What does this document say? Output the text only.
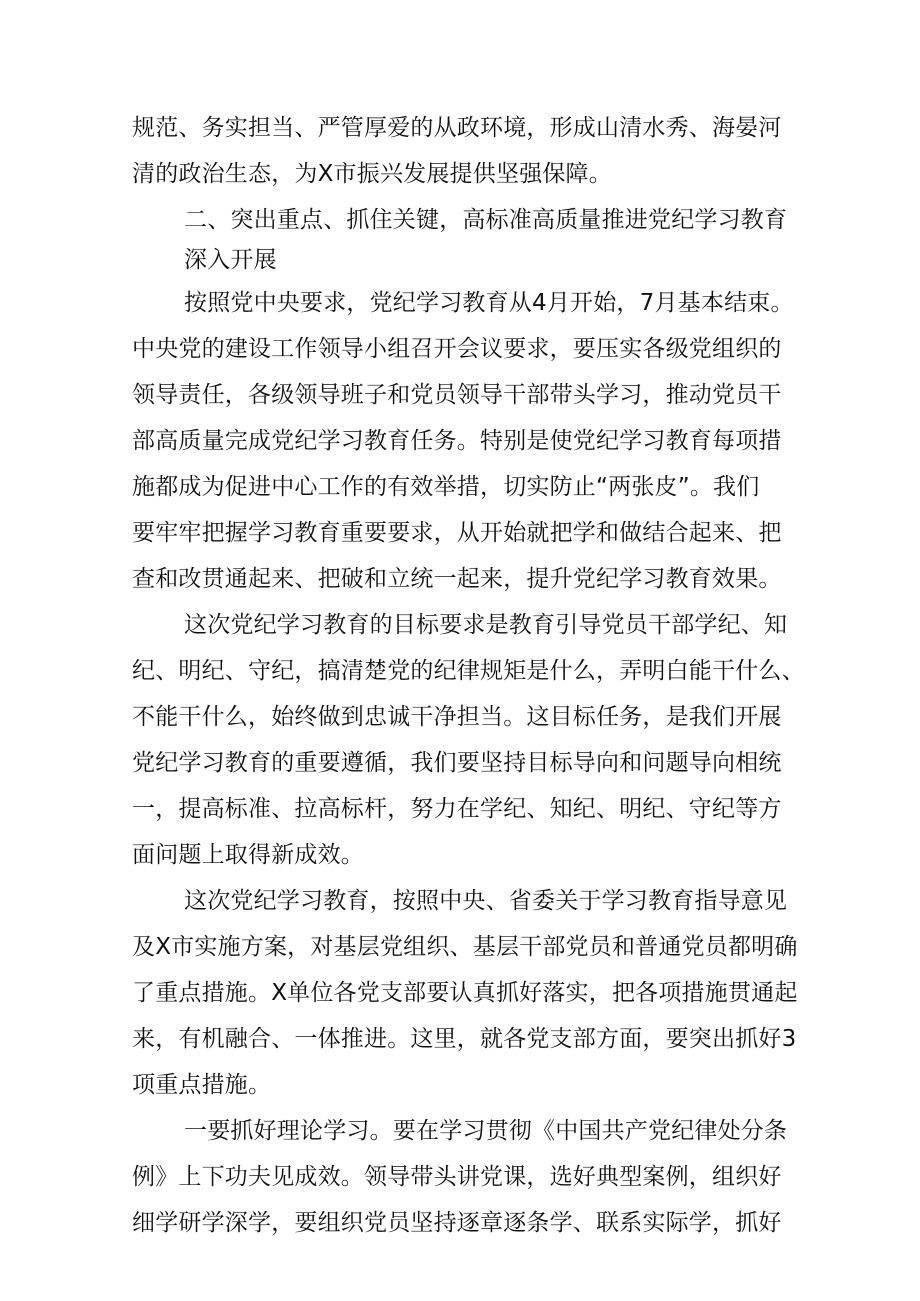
规范、务实担当、严管厚爱的从政环境，形成山清水秀、海晏河
清的政治生态，为X市振兴发展提供坚强保障。
二、突出重点、抓住关键，高标准高质量推进党纪学习教育
深入开展
按照党中央要求，党纪学习教育从4月开始，7月基本结束。
中央党的建设工作领导小组召开会议要求，要压实各级党组织的
领导责任，各级领导班子和党员领导干部带头学习，推动党员干
部高质量完成党纪学习教育任务。特别是使党纪学习教育每项措
施都成为促进中心工作的有效举措，切实防止“两张皮”。我们
要牢牢把握学习教育重要要求，从开始就把学和做结合起来、把
查和改贯通起来、把破和立统一起来，提升党纪学习教育效果。
这次党纪学习教育的目标要求是教育引导党员干部学纪、知
纪、明纪、守纪，搞清楚党的纪律规矩是什么，弄明白能干什么、
不能干什么，始终做到忠诚干净担当。这目标任务，是我们开展
党纪学习教育的重要遵循，我们要坚持目标导向和问题导向相统
一，提高标准、拉高标杆，努力在学纪、知纪、明纪、守纪等方
面问题上取得新成效。
这次党纪学习教育，按照中央、省委关于学习教育指导意见
及X市实施方案，对基层党组织、基层干部党员和普通党员都明确
了重点措施。X单位各党支部要认真抓好落实，把各项措施贯通起
来，有机融合、一体推进。这里，就各党支部方面，要突出抓好3
项重点措施。
一要抓好理论学习。要在学习贯彻《中国共产党纪律处分条
例》上下功夫见成效。领导带头讲党课，选好典型案例，组织好
细学研学深学，要组织党员坚持逐章逐条学、联系实际学，抓好
